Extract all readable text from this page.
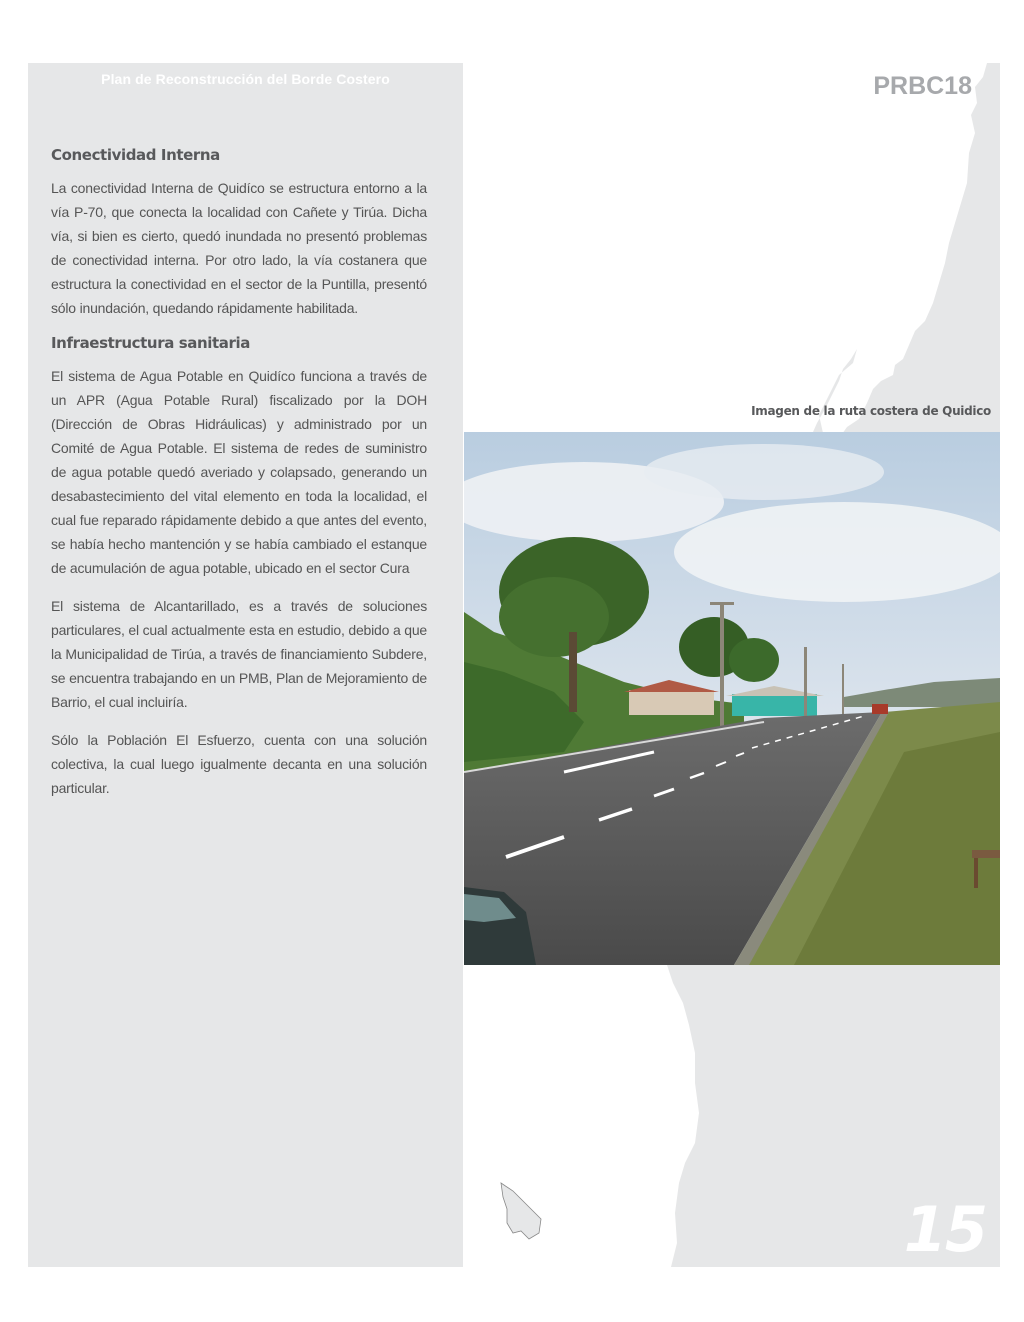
Plan de Reconstrucción del Borde Costero
Conectividad Interna

La conectividad Interna de Quidíco se estructura entorno a la vía P-70, que conecta la localidad con Cañete y Tirúa. Dicha vía, si bien es cierto, quedó inundada no presentó problemas de conectividad interna. Por otro lado, la vía costanera que estructura la conectividad en el sector de la Puntilla, presentó sólo inundación, quedando rápidamente habilitada.

Infraestructura sanitaria

El sistema de Agua Potable en Quidíco funciona a través de un APR (Agua Potable Rural) fiscalizado por la DOH (Dirección de Obras Hidráulicas) y administrado por un Comité de Agua Potable. El sistema de redes de suministro de agua potable quedó averiado y colapsado, generando un desabastecimiento del vital elemento en toda la localidad, el cual fue reparado rápidamente debido a que antes del evento, se había hecho mantención y se había cambiado el estanque de acumulación de agua potable, ubicado en el sector Cura

El sistema de Alcantarillado, es a través de soluciones particulares, el cual actualmente esta en estudio, debido a que la Municipalidad de Tirúa, a través de financiamiento Subdere, se encuentra trabajando en un PMB, Plan de Mejoramiento de Barrio, el cual incluiría.

Sólo la Población El Esfuerzo, cuenta con una solución colectiva, la cual luego igualmente decanta en una solución particular.

PRBC18
Imagen de la ruta costera de Quidico
15
